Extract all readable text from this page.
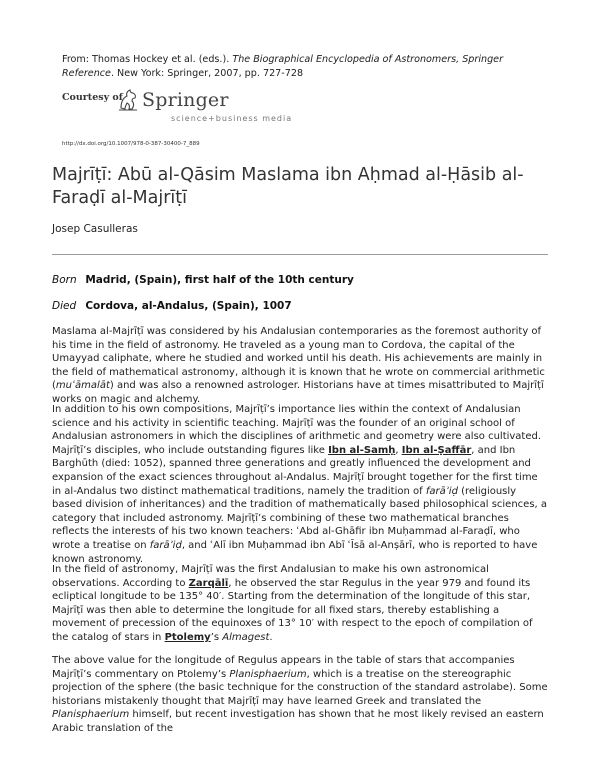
From: Thomas Hockey et al. (eds.). The Biographical Encyclopedia of Astronomers, Springer Reference. New York: Springer, 2007, pp. 727-728
Courtesy of Springer
science+business media
http://dx.doi.org/10.1007/978-0-387-30400-7_889
Majrīṭī: Abū al-Qāsim Maslama ibn Aḥmad al-Ḥāsib al-Faraḍī al-Majrīṭī
Josep Casulleras
Born Madrid, (Spain), first half of the 10th century
Died Cordova, al-Andalus, (Spain), 1007

Maslama al-Majrīṭī was considered by his Andalusian contemporaries as the foremost authority of his time in the field of astronomy. He traveled as a young man to Cordova, the capital of the Umayyad caliphate, where he studied and worked until his death. His achievements are mainly in the field of mathematical astronomy, although it is known that he wrote on commercial arithmetic (muʿāmalāt) and was also a renowned astrologer. Historians have at times misattributed to Majrīṭī works on magic and alchemy.

In addition to his own compositions, Majrīṭī’s importance lies within the context of Andalusian science and his activity in scientific teaching. Majrīṭī was the founder of an original school of Andalusian astronomers in which the disciplines of arithmetic and geometry were also cultivated. Majrīṭī’s disciples, who include outstanding figures like Ibn al-Samḥ, Ibn al-Ṣaffār, and Ibn Barghūth (died: 1052), spanned three generations and greatly influenced the development and expansion of the exact sciences throughout al-Andalus. Majrīṭī brought together for the first time in al-Andalus two distinct mathematical traditions, namely the tradition of farāʾiḍ (religiously based division of inheritances) and the tradition of mathematically based philosophical sciences, a category that included astronomy. Majrīṭī’s combining of these two mathematical branches reflects the interests of his two known teachers: ʿAbd al-Ghāfir ibn Muḥammad al-Faraḍī, who wrote a treatise on farāʾiḍ, and ʿAlī ibn Muḥammad ibn Abī ʿĪsā al-Anṣārī, who is reported to have known astronomy.

In the field of astronomy, Majrīṭī was the first Andalusian to make his own astronomical observations. According to Zarqālī, he observed the star Regulus in the year 979 and found its ecliptical longitude to be 135° 40′. Starting from the determination of the longitude of this star, Majrīṭī was then able to determine the longitude for all fixed stars, thereby establishing a movement of precession of the equinoxes of 13° 10′ with respect to the epoch of compilation of the catalog of stars in Ptolemy’s Almagest.

The above value for the longitude of Regulus appears in the table of stars that accompanies Majrīṭī’s commentary on Ptolemy’s Planisphaerium, which is a treatise on the stereographic projection of the sphere (the basic technique for the construction of the standard astrolabe). Some historians mistakenly thought that Majrīṭī may have learned Greek and translated the Planisphaerium himself, but recent investigation has shown that he most likely revised an eastern Arabic translation of the
